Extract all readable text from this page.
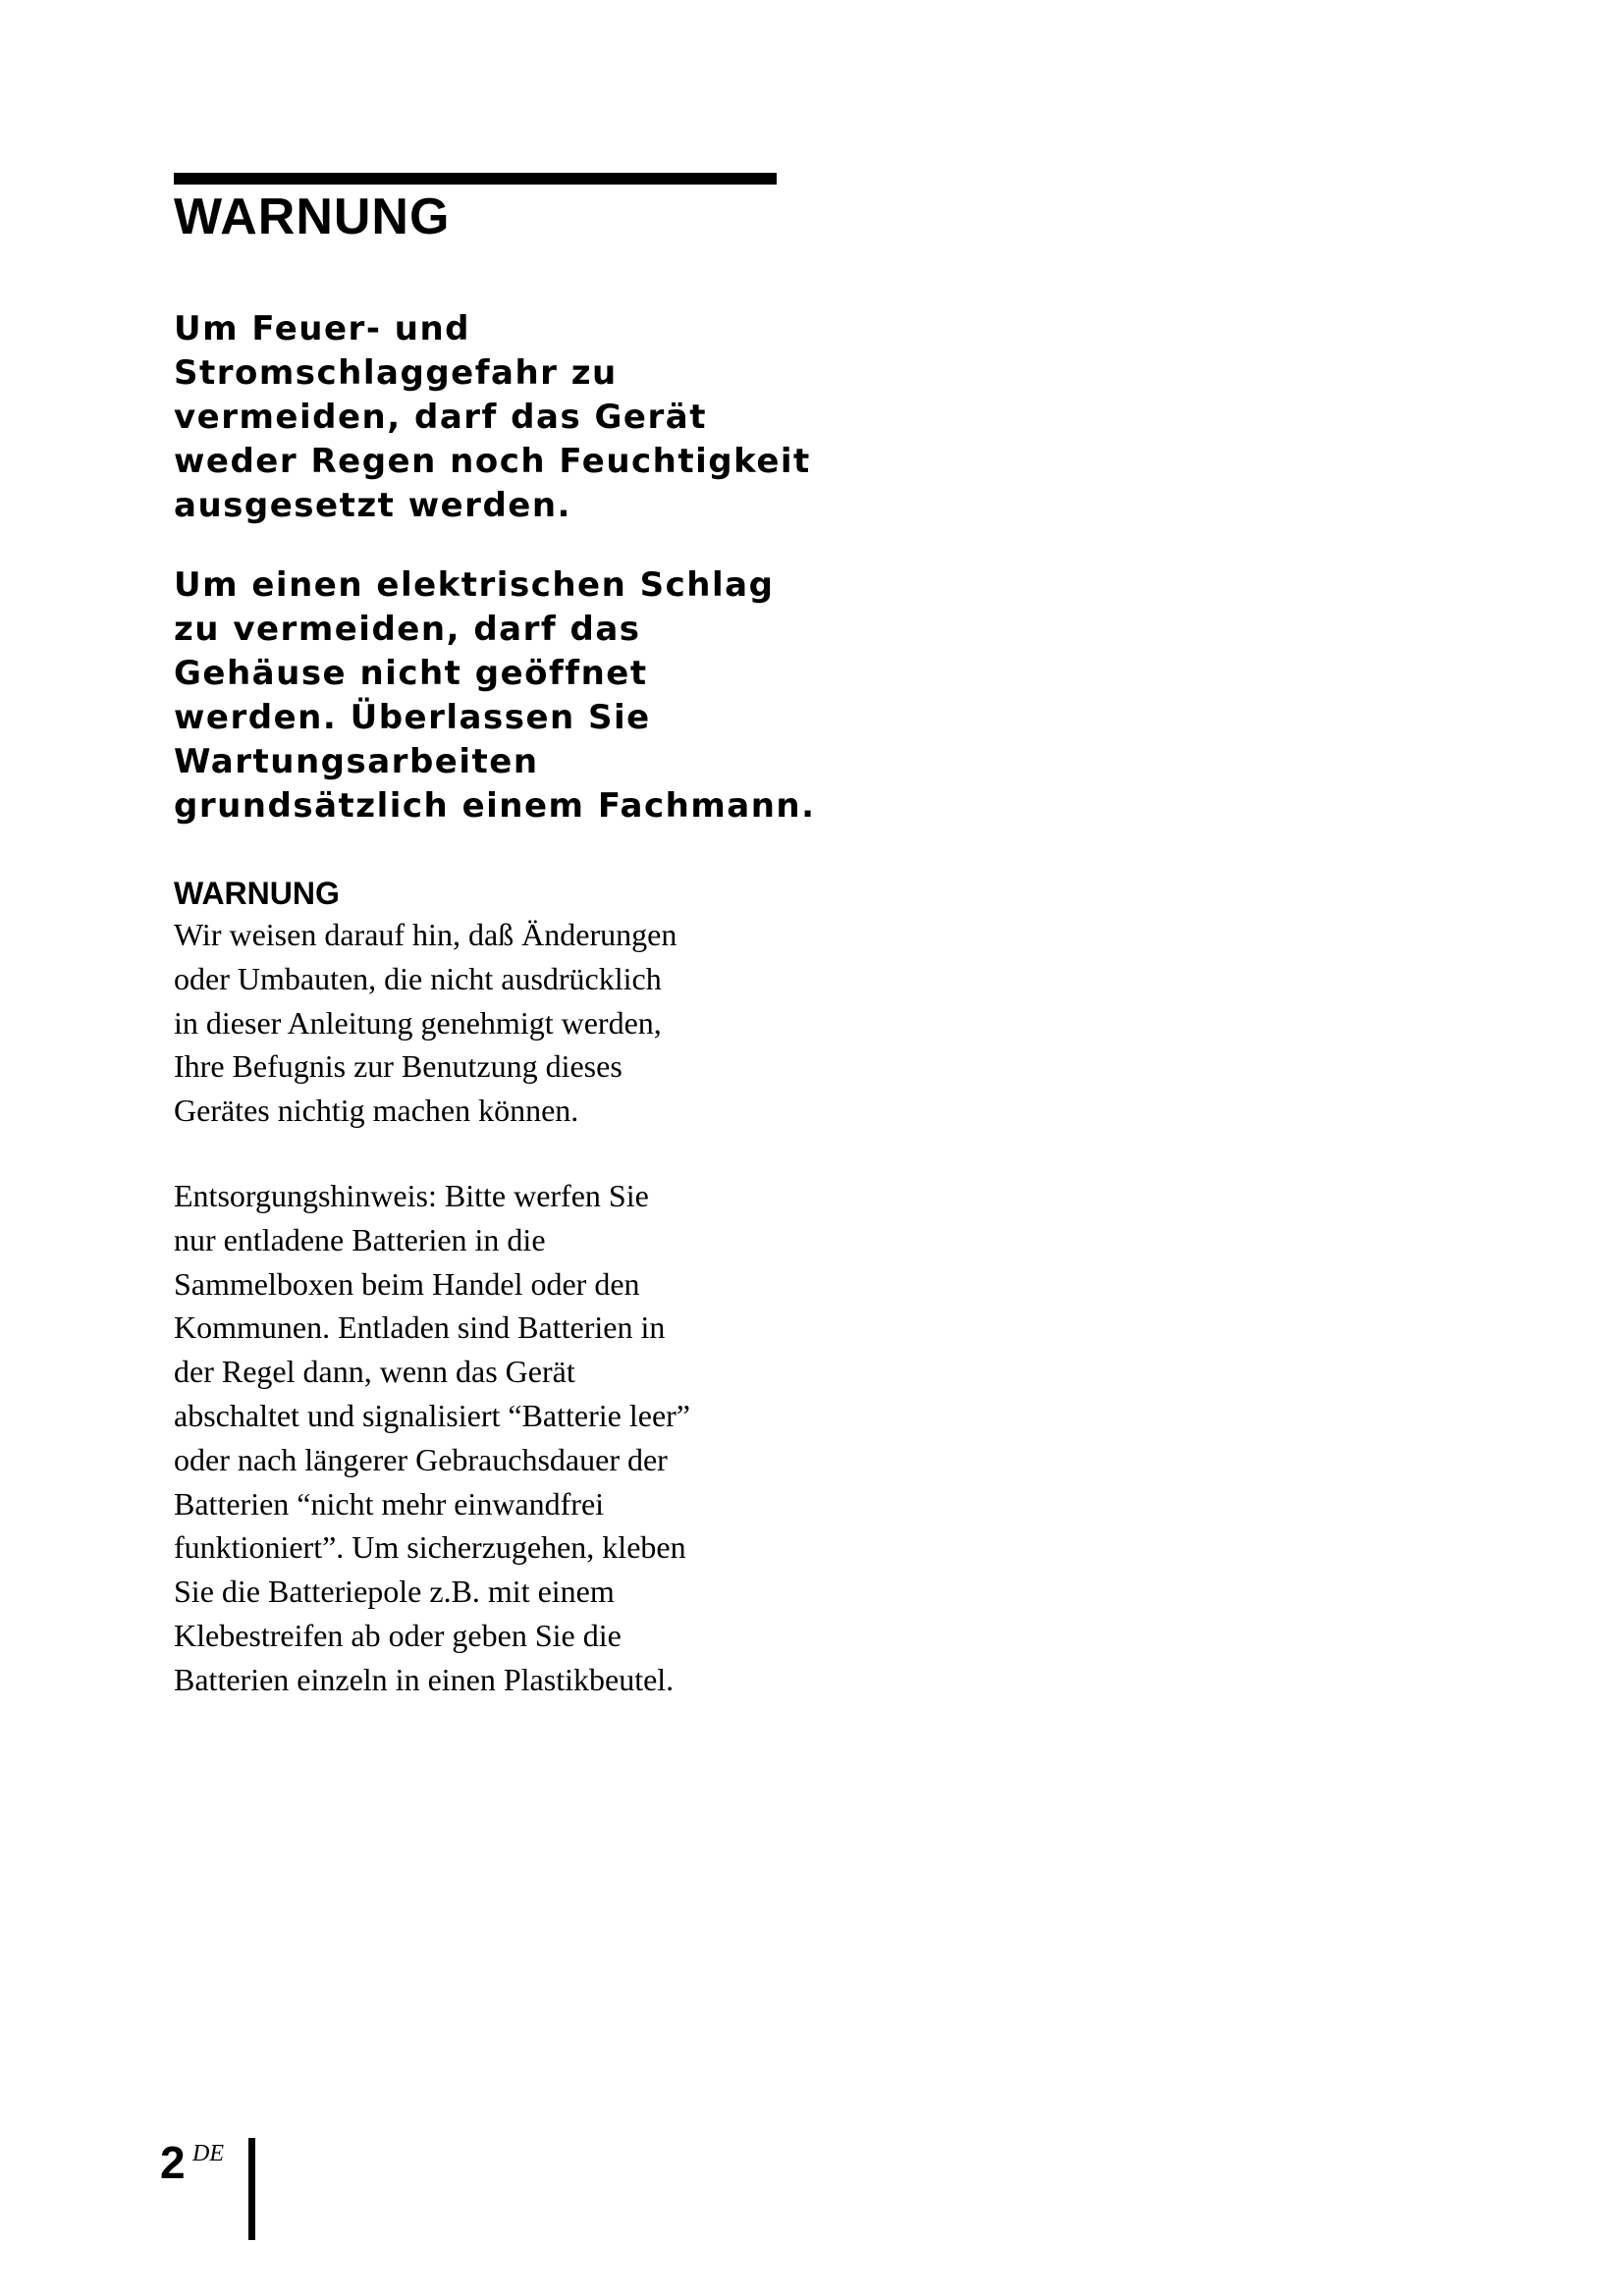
WARNUNG
Um Feuer- und
Stromschlaggefahr zu
vermeiden, darf das Gerät
weder Regen noch Feuchtigkeit
ausgesetzt werden.
Um einen elektrischen Schlag
zu vermeiden, darf das
Gehäuse nicht geöffnet
werden. Überlassen Sie
Wartungsarbeiten
grundsätzlich einem Fachmann.
WARNUNG
Wir weisen darauf hin, daß Änderungen
oder Umbauten, die nicht ausdrücklich
in dieser Anleitung genehmigt werden,
Ihre Befugnis zur Benutzung dieses
Gerätes nichtig machen können.
Entsorgungshinweis: Bitte werfen Sie
nur entladene Batterien in die
Sammelboxen beim Handel oder den
Kommunen. Entladen sind Batterien in
der Regel dann, wenn das Gerät
abschaltet und signalisiert “Batterie leer”
oder nach längerer Gebrauchsdauer der
Batterien “nicht mehr einwandfrei
funktioniert”. Um sicherzugehen, kleben
Sie die Batteriepole z.B. mit einem
Klebestreifen ab oder geben Sie die
Batterien einzeln in einen Plastikbeutel.
2 DE
